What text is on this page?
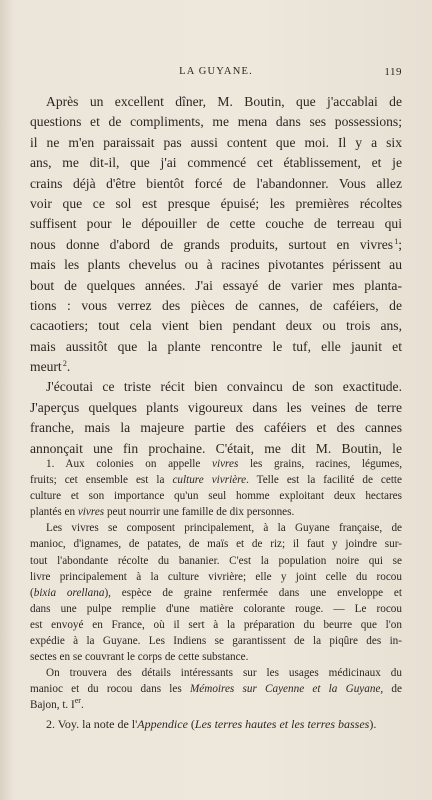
LA GUYANE.	119
Après un excellent dîner, M. Boutin, que j'accablai de
questions et de compliments, me mena dans ses possessions;
il ne m'en paraissait pas aussi content que moi. Il y a six
ans, me dit-il, que j'ai commencé cet établissement, et je
crains déjà d'être bientôt forcé de l'abandonner. Vous allez
voir que ce sol est presque épuisé; les premières récoltes
suffisent pour le dépouiller de cette couche de terreau qui
nous donne d'abord de grands produits, surtout en vivres $^1$;
mais les plants chevelus ou à racines pivotantes périssent au
bout de quelques années. J'ai essayé de varier mes planta-
tions : vous verrez des pièces de cannes, de caféiers, de
cacaotiers; tout cela vient bien pendant deux ou trois ans,
mais aussitôt que la plante rencontre le tuf, elle jaunit et
meurt $^2$.
J'écoutai ce triste récit bien convaincu de son exactitude.
J'aperçus quelques plants vigoureux dans les veines de terre
franche, mais la majeure partie des caféiers et des cannes
annonçait une fin prochaine. C'était, me dit M. Boutin, le
1. Aux colonies on appelle vivres les grains, racines, légumes,
fruits; cet ensemble est la culture vivrière. Telle est la facilité de cette
culture et son importance qu'un seul homme exploitant deux hectares
plantés en vivres peut nourrir une famille de dix personnes.
Les vivres se composent principalement, à la Guyane française, de
manioc, d'ignames, de patates, de maïs et de riz; il faut y joindre sur-
tout l'abondante récolte du bananier. C'est la population noire qui se
livre principalement à la culture vivrière; elle y joint celle du rocou
(bixia orellana), espèce de graine renfermée dans une enveloppe et
dans une pulpe remplie d'une matière colorante rouge. — Le rocou
est envoyé en France, où il sert à la préparation du beurre que l'on
expédie à la Guyane. Les Indiens se garantissent de la piqûre des in-
sectes en se couvrant le corps de cette substance.
On trouvera des détails intéressants sur les usages médicinaux du
manioc et du rocou dans les Mémoires sur Cayenne et la Guyane, de
Bajon, t. Ier.
2. Voy. la note de l'Appendice (Les terres hautes et les terres basses).
